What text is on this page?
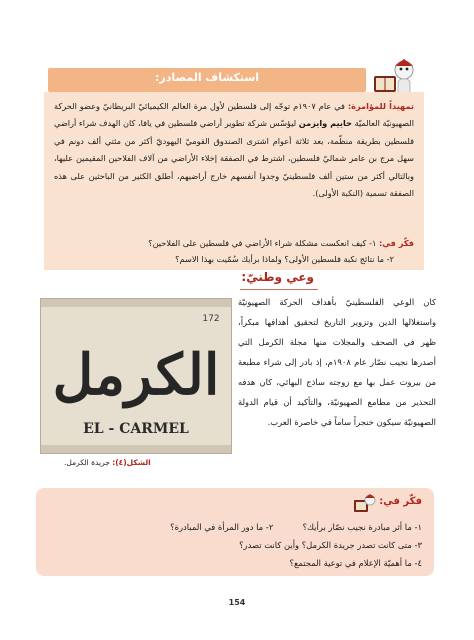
استكشاف المصادر:
تمهيداً للمؤامرة: في عام ١٩٠٧م توجّه إلى فلسطين لأول مرة العالم الكيميائيّ البريطانيّ وعضو الحركة الصهيونيّة العالميّة حاييم وايزمن ليؤسّس شركة تطوير أراضي فلسطين في يافا، كان الهدف شراء أراضي فلسطين بطريقة منظّمة، بعد ثلاثة أعوام اشترى الصندوق القوميّ اليهوديّ أكثر من مئتي ألف دونم في سهل مرج بن عامر شماليّ فلسطين، اشترط في الصفقة إخلاء الأراضي من آلاف الفلاحين المقيمين عليها، وبالتالي أكثر من ستين ألف فلسطينيّ وجدوا أنفسهم خارج أراضيهم، أطلق الكثير من الباحثين على هذه الصفقة تسمية (النكبة الأولى).
فكّر في: ١- كيف انعكست مشكلة شراء الأراضي في فلسطين على الفلاحين؟
٢- ما نتائج نكبة فلسطين الأولى؟ ولماذا برأيك سُمّيت بهذا الاسم؟
وعي وطنيّ:
كان الوعي الفلسطينيّ بأهداف الحركة الصهيونيّة واستغلالها الدين وتزوير التاريخ لتحقيق أهدافها مبكراً، ظهر في الصحف والمجلات منها مجلة الكرمل التي أصدرها نجيب نصّار عام ١٩٠٨م، إذ بادر إلى شراء مطبعة من بيروت عمل بها مع زوجته ساذج البهائي، كان هدفه التحذير من مطامع الصهيونيّة، والتأكيد أن قيام الدولة الصهيونيّة سيكون خنجراً ساماً في خاصرة العرب.
172
الكرمل
EL - CARMEL
الشكل(٤): جريدة الكرمل.
فكّر في:
١- ما أثر مبادرة نجيب نصّار برأيك؟  ٢- ما دور المرأة في المبادرة؟
٣- متى كانت تصدر جريدة الكرمل؟ وأين كانت تصدر؟
٤- ما أهميّة الإعلام في توعية المجتمع؟
154
